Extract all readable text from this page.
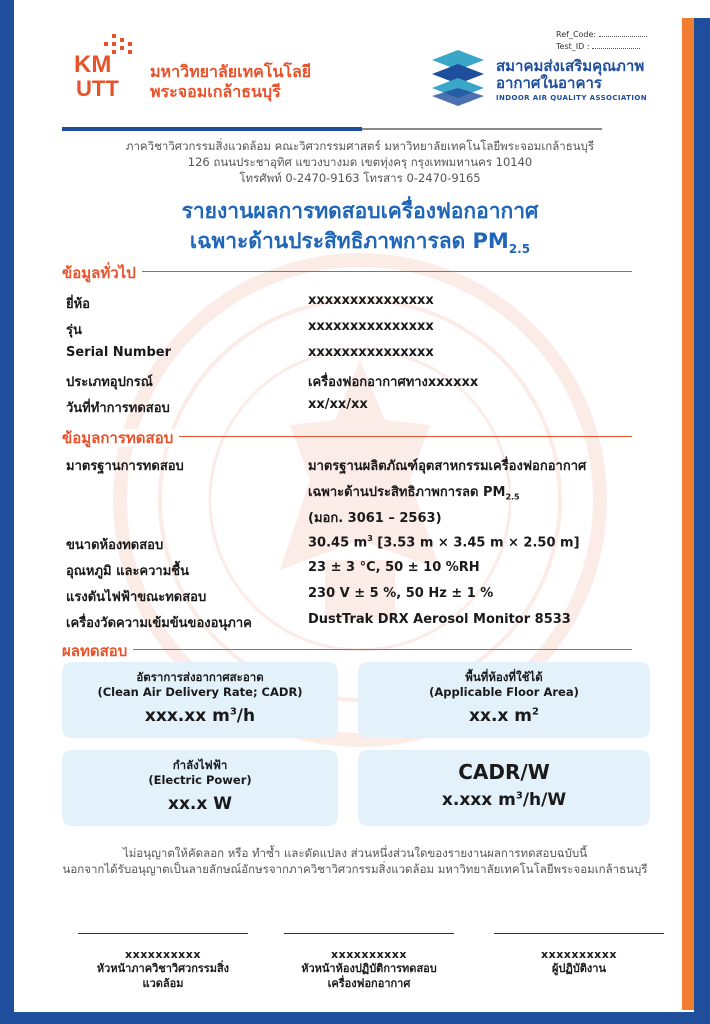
KM
UTT
มหาวิทยาลัยเทคโนโลยี
พระจอมเกล้าธนบุรี
สมาคมส่งเสริมคุณภาพ
อากาศในอาคาร
INDOOR AIR QUALITY ASSOCIATION
Ref_Code:
Test_ID :
ภาควิชาวิศวกรรมสิ่งแวดล้อม คณะวิศวกรรมศาสตร์ มหาวิทยาลัยเทคโนโลยีพระจอมเกล้าธนบุรี
126 ถนนประชาอุทิศ แขวงบางมด เขตทุ่งครุ กรุงเทพมหานคร 10140
โทรศัพท์ 0-2470-9163 โทรสาร 0-2470-9165
รายงานผลการทดสอบเครื่องฟอกอากาศ
เฉพาะด้านประสิทธิภาพการลด $PM_{2.5}$
ข้อมูลทั่วไป
ยี่ห้อ	xxxxxxxxxxxxxxx
รุ่น	xxxxxxxxxxxxxxx
Serial Number	xxxxxxxxxxxxxxx
ประเภทอุปกรณ์	เครื่องฟอกอากาศทางxxxxxx
วันที่ทำการทดสอบ	xx/xx/xx
ข้อมูลการทดสอบ
มาตรฐานการทดสอบ	มาตรฐานผลิตภัณฑ์อุตสาหกรรมเครื่องฟอกอากาศ
เฉพาะด้านประสิทธิภาพการลด $PM_{2.5}$
(มอก. 3061 – 2563)
ขนาดห้องทดสอบ	30.45 $m^3$ [3.53 m × 3.45 m × 2.50 m]
อุณหภูมิ และความชื้น	23 ± 3 °C, 50 ± 10 %RH
แรงดันไฟฟ้าขณะทดสอบ	230 V ± 5 %, 50 Hz ± 1 %
เครื่องวัดความเข้มข้นของอนุภาค	DustTrak DRX Aerosol Monitor 8533
ผลทดสอบ
อัตราการส่งอากาศสะอาด
(Clean Air Delivery Rate; CADR)
xxx.xx $m^3/h$
พื้นที่ห้องที่ใช้ได้
(Applicable Floor Area)
xx.x $m^2$
กำลังไฟฟ้า
(Electric Power)
xx.x W
CADR/W
x.xxx $m^3/h/W$
ไม่อนุญาตให้คัดลอก หรือ ทำซ้ำ และดัดแปลง ส่วนหนึ่งส่วนใดของรายงานผลการทดสอบฉบับนี้
นอกจากได้รับอนุญาตเป็นลายลักษณ์อักษรจากภาควิชาวิศวกรรมสิ่งแวดล้อม มหาวิทยาลัยเทคโนโลยีพระจอมเกล้าธนบุรี
xxxxxxxxxx
หัวหน้าภาควิชาวิศวกรรมสิ่งแวดล้อม
xxxxxxxxxx
หัวหน้าห้องปฏิบัติการทดสอบ
เครื่องฟอกอากาศ
xxxxxxxxxx
ผู้ปฏิบัติงาน
